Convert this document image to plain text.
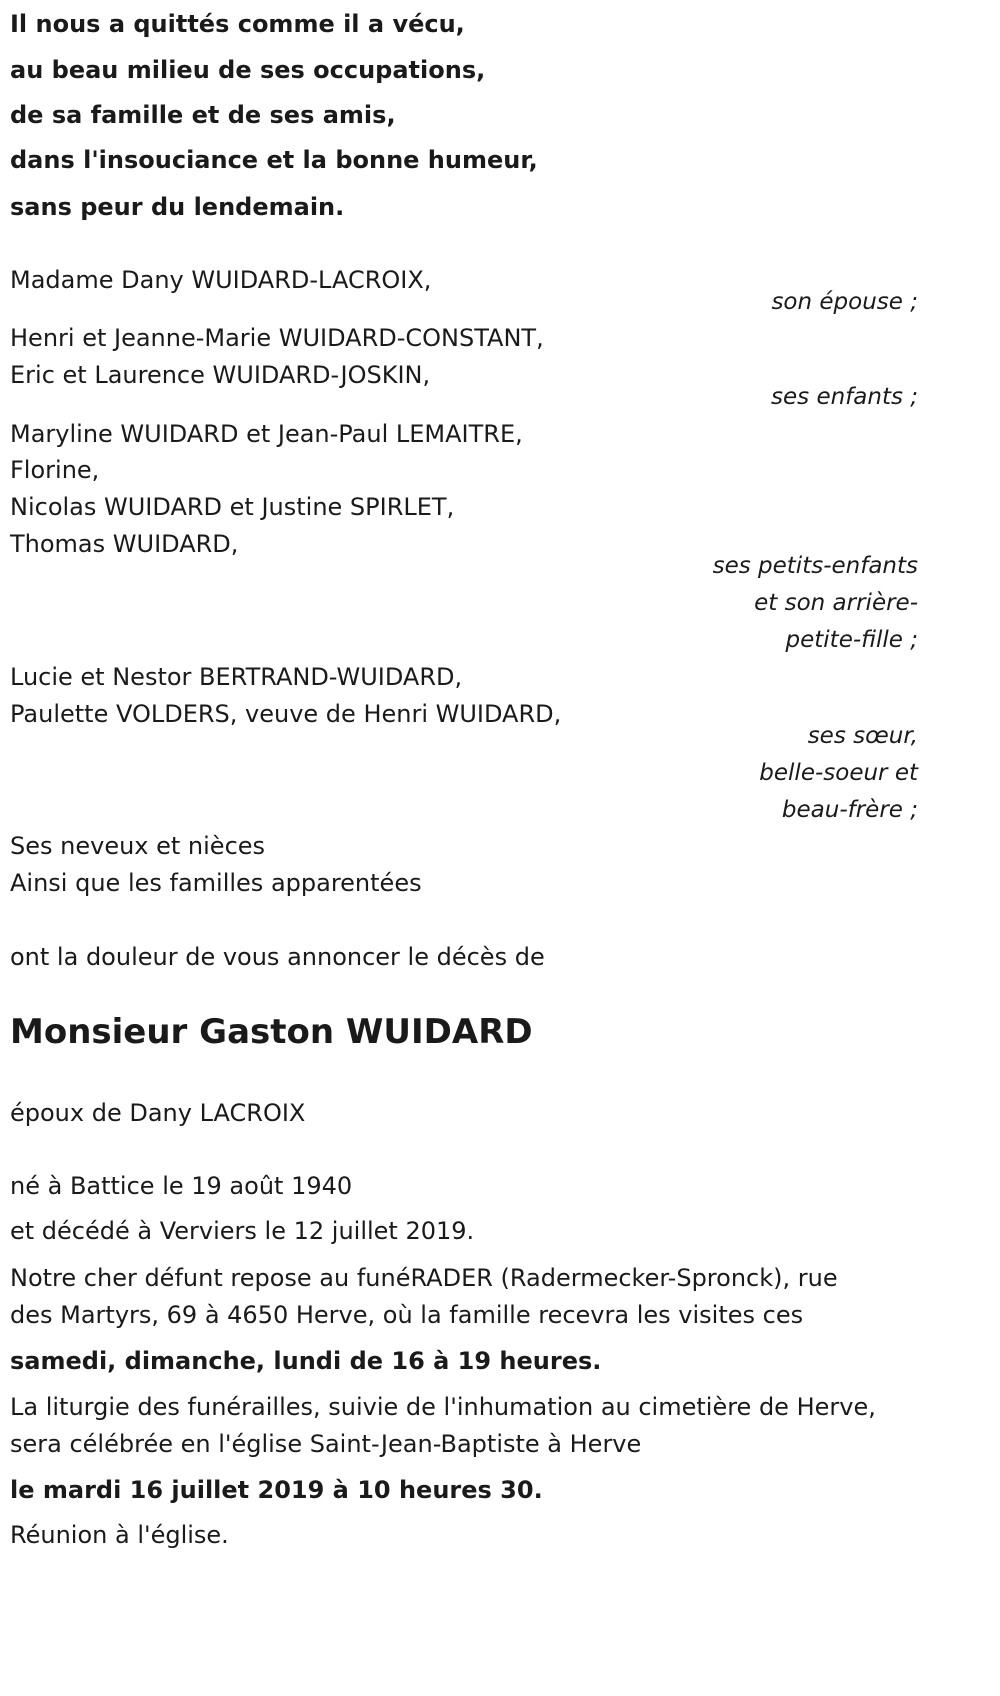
Il nous a quittés comme il a vécu,
au beau milieu de ses occupations,
de sa famille et de ses amis,
dans l'insouciance et la bonne humeur,
sans peur du lendemain.
Madame Dany WUIDARD-LACROIX,
son épouse ;
Henri et Jeanne-Marie WUIDARD-CONSTANT,
Eric et Laurence WUIDARD-JOSKIN,
ses enfants ;
Maryline WUIDARD et Jean-Paul LEMAITRE,
Florine,
Nicolas WUIDARD et Justine SPIRLET,
Thomas WUIDARD,
ses petits-enfants
et son arrière-
petite-fille ;
Lucie et Nestor BERTRAND-WUIDARD,
Paulette VOLDERS, veuve de Henri WUIDARD,
ses sœur,
belle-soeur et
beau-frère ;
Ses neveux et nièces
Ainsi que les familles apparentées
ont la douleur de vous annoncer le décès de
Monsieur Gaston WUIDARD
époux de Dany LACROIX
né à Battice le 19 août 1940
et décédé à Verviers le 12 juillet 2019.
Notre cher défunt repose au funéRADER (Radermecker-Spronck), rue
des Martyrs, 69 à 4650 Herve, où la famille recevra les visites ces
samedi, dimanche, lundi de 16 à 19 heures.
La liturgie des funérailles, suivie de l'inhumation au cimetière de Herve,
sera célébrée en l'église Saint-Jean-Baptiste à Herve
le mardi 16 juillet 2019 à 10 heures 30.
Réunion à l'église.
